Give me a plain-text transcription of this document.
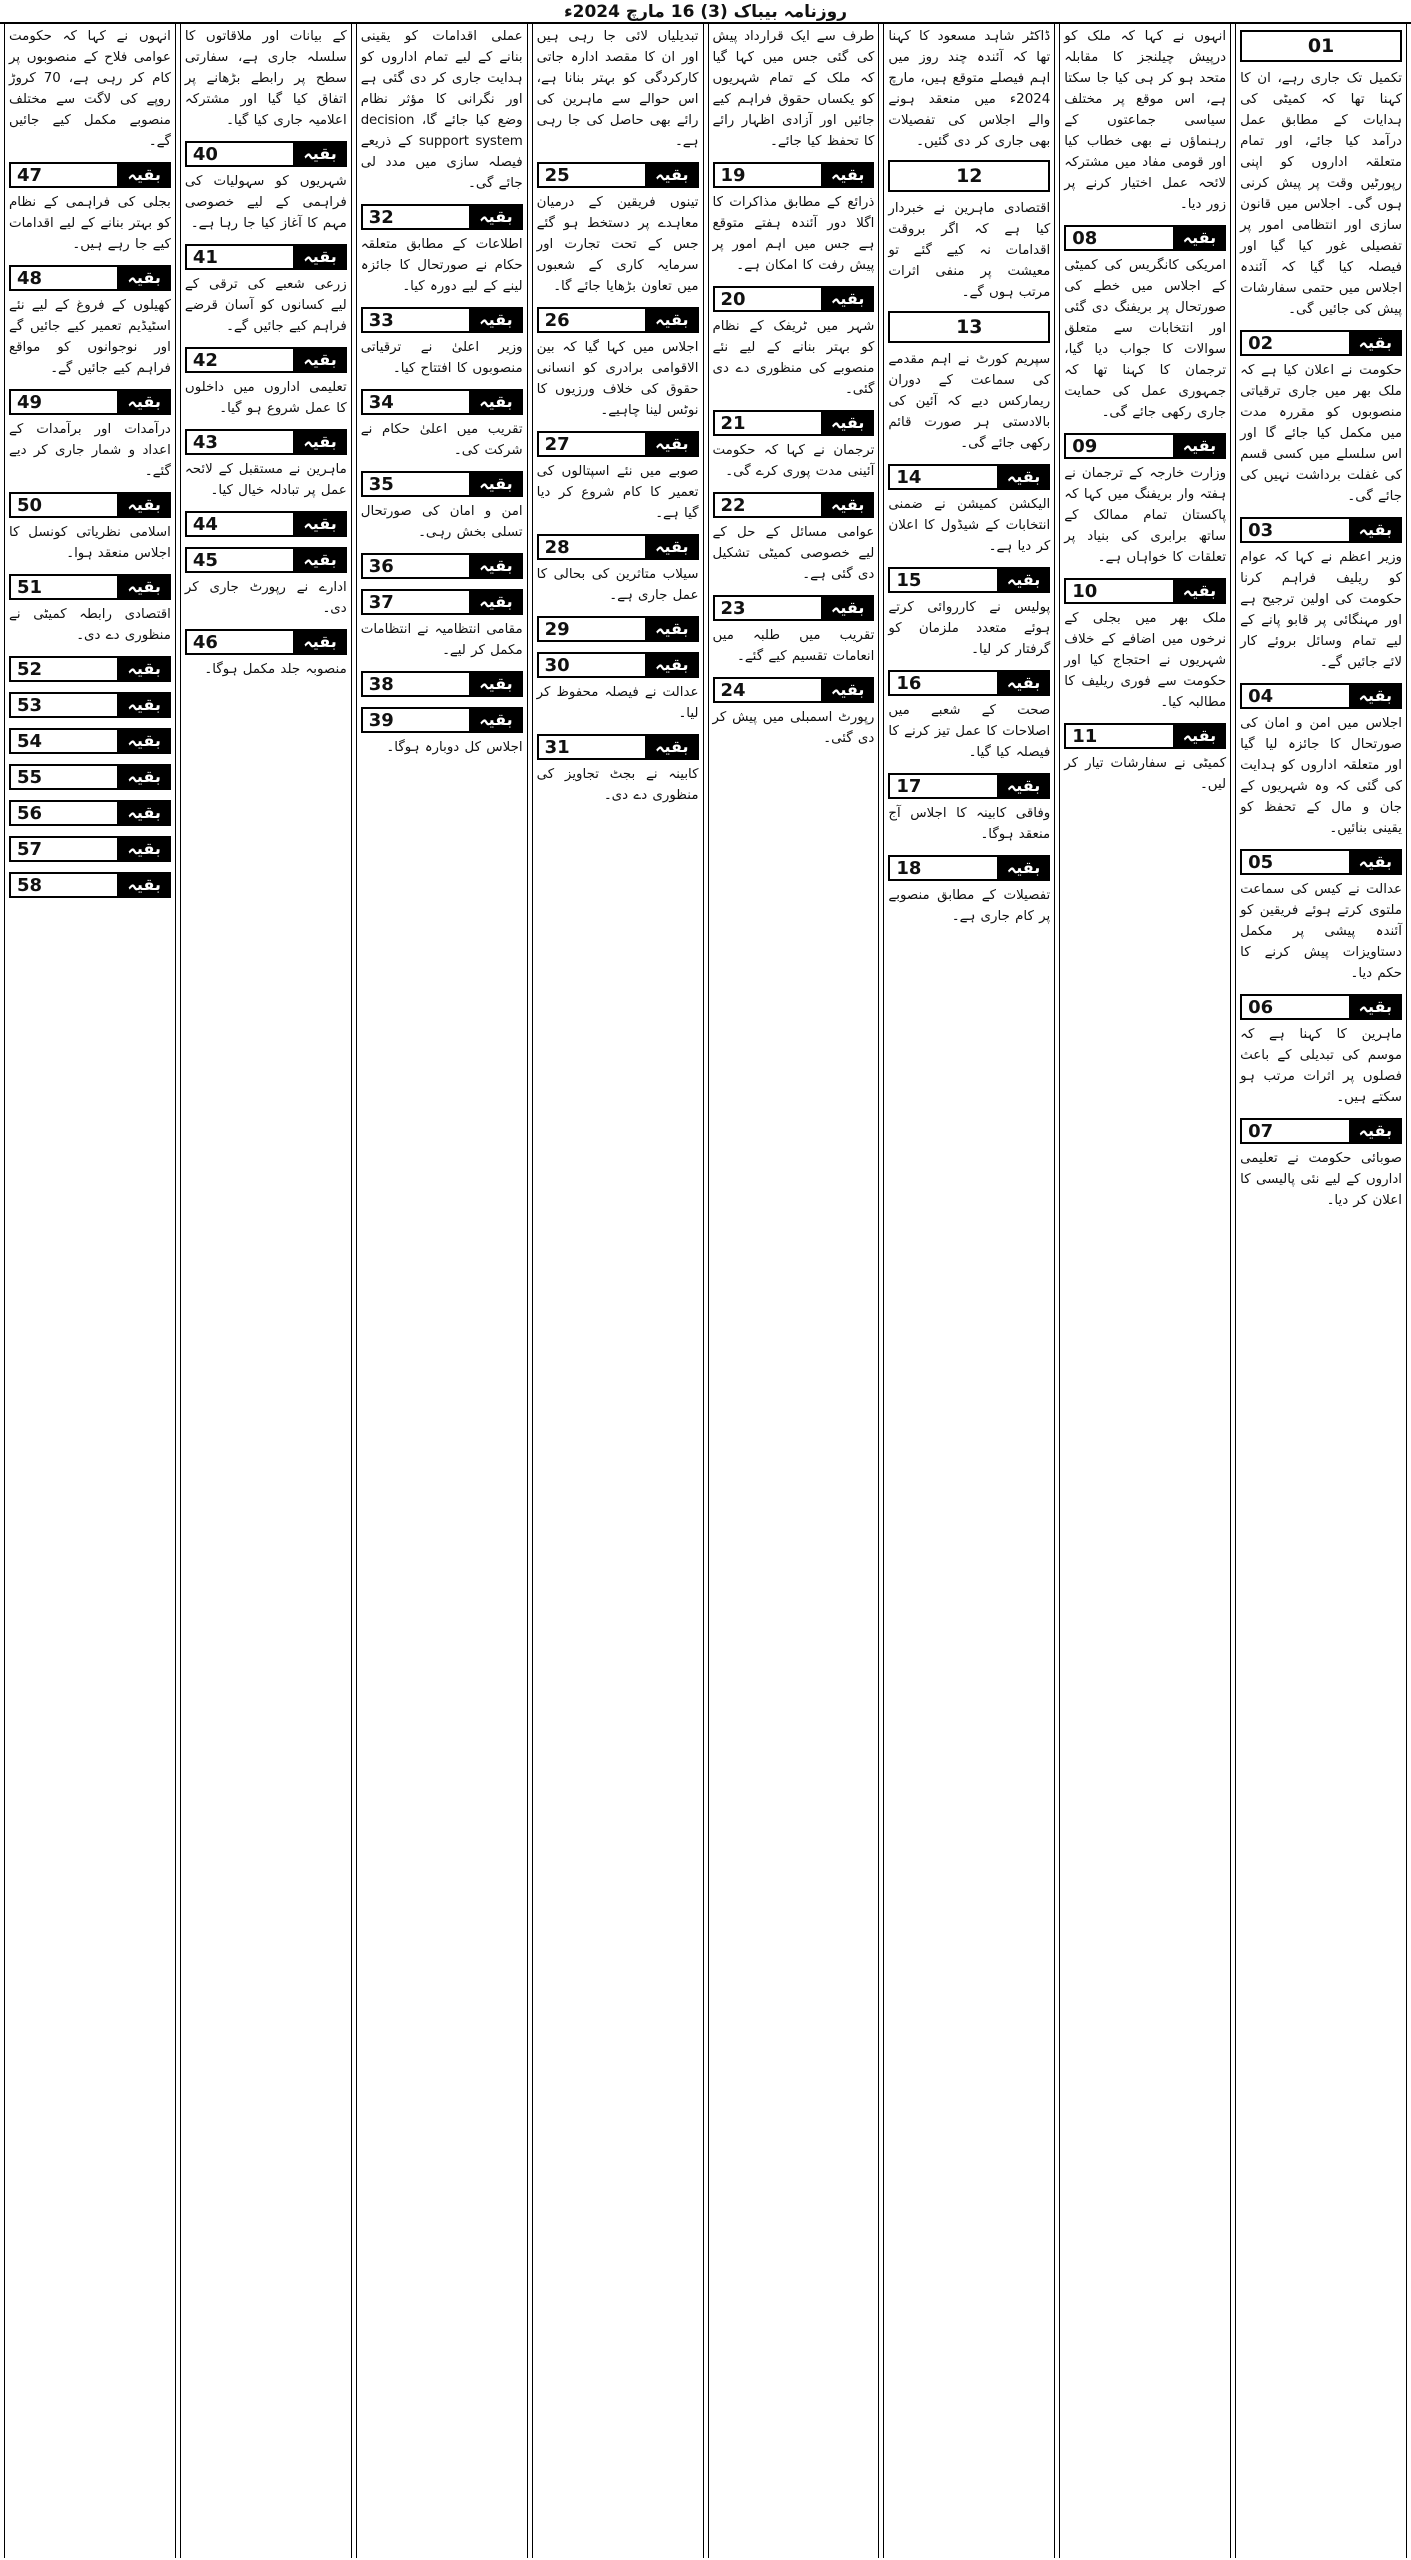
روزنامہ بیباک (3) 16 مارچ 2024ء
01

تکمیل تک جاری رہے، ان کا کہنا تھا کہ کمیٹی کی ہدایات کے مطابق عمل درآمد کیا جائے، اور تمام متعلقہ اداروں کو اپنی رپورٹیں وقت پر پیش کرنی ہوں گی۔ اجلاس میں قانون سازی اور انتظامی امور پر تفصیلی غور کیا گیا اور فیصلہ کیا گیا کہ آئندہ اجلاس میں حتمی سفارشات پیش کی جائیں گی۔

بقیہ
02

حکومت نے اعلان کیا ہے کہ ملک بھر میں جاری ترقیاتی منصوبوں کو مقررہ مدت میں مکمل کیا جائے گا اور اس سلسلے میں کسی قسم کی غفلت برداشت نہیں کی جائے گی۔

بقیہ
03

وزیر اعظم نے کہا کہ عوام کو ریلیف فراہم کرنا حکومت کی اولین ترجیح ہے اور مہنگائی پر قابو پانے کے لیے تمام وسائل بروئے کار لائے جائیں گے۔

بقیہ
04

اجلاس میں امن و امان کی صورتحال کا جائزہ لیا گیا اور متعلقہ اداروں کو ہدایت کی گئی کہ وہ شہریوں کے جان و مال کے تحفظ کو یقینی بنائیں۔

بقیہ
05

عدالت نے کیس کی سماعت ملتوی کرتے ہوئے فریقین کو آئندہ پیشی پر مکمل دستاویزات پیش کرنے کا حکم دیا۔

بقیہ
06

ماہرین کا کہنا ہے کہ موسم کی تبدیلی کے باعث فصلوں پر اثرات مرتب ہو سکتے ہیں۔

بقیہ
07

صوبائی حکومت نے تعلیمی اداروں کے لیے نئی پالیسی کا اعلان کر دیا۔

انہوں نے کہا کہ ملک کو درپیش چیلنجز کا مقابلہ متحد ہو کر ہی کیا جا سکتا ہے، اس موقع پر مختلف سیاسی جماعتوں کے رہنماؤں نے بھی خطاب کیا اور قومی مفاد میں مشترکہ لائحہ عمل اختیار کرنے پر زور دیا۔

بقیہ
08

امریکی کانگریس کی کمیٹی کے اجلاس میں خطے کی صورتحال پر بریفنگ دی گئی اور انتخابات سے متعلق سوالات کا جواب دیا گیا، ترجمان کا کہنا تھا کہ جمہوری عمل کی حمایت جاری رکھی جائے گی۔

بقیہ
09

وزارت خارجہ کے ترجمان نے ہفتہ وار بریفنگ میں کہا کہ پاکستان تمام ممالک کے ساتھ برابری کی بنیاد پر تعلقات کا خواہاں ہے۔

بقیہ
10

ملک بھر میں بجلی کے نرخوں میں اضافے کے خلاف شہریوں نے احتجاج کیا اور حکومت سے فوری ریلیف کا مطالبہ کیا۔

بقیہ
11

کمیٹی نے سفارشات تیار کر لیں۔

ڈاکٹر شاہد مسعود کا کہنا تھا کہ آئندہ چند روز میں اہم فیصلے متوقع ہیں، مارچ 2024ء میں منعقد ہونے والے اجلاس کی تفصیلات بھی جاری کر دی گئیں۔

12

اقتصادی ماہرین نے خبردار کیا ہے کہ اگر بروقت اقدامات نہ کیے گئے تو معیشت پر منفی اثرات مرتب ہوں گے۔

13

سپریم کورٹ نے اہم مقدمے کی سماعت کے دوران ریمارکس دیے کہ آئین کی بالادستی ہر صورت قائم رکھی جائے گی۔

بقیہ
14

الیکشن کمیشن نے ضمنی انتخابات کے شیڈول کا اعلان کر دیا ہے۔

بقیہ
15

پولیس نے کارروائی کرتے ہوئے متعدد ملزمان کو گرفتار کر لیا۔

بقیہ
16

صحت کے شعبے میں اصلاحات کا عمل تیز کرنے کا فیصلہ کیا گیا۔

بقیہ
17

وفاقی کابینہ کا اجلاس آج منعقد ہوگا۔

بقیہ
18

تفصیلات کے مطابق منصوبے پر کام جاری ہے۔

طرف سے ایک قرارداد پیش کی گئی جس میں کہا گیا کہ ملک کے تمام شہریوں کو یکساں حقوق فراہم کیے جائیں اور آزادی اظہار رائے کا تحفظ کیا جائے۔

بقیہ
19

ذرائع کے مطابق مذاکرات کا اگلا دور آئندہ ہفتے متوقع ہے جس میں اہم امور پر پیش رفت کا امکان ہے۔

بقیہ
20

شہر میں ٹریفک کے نظام کو بہتر بنانے کے لیے نئے منصوبے کی منظوری دے دی گئی۔

بقیہ
21

ترجمان نے کہا کہ حکومت آئینی مدت پوری کرے گی۔

بقیہ
22

عوامی مسائل کے حل کے لیے خصوصی کمیٹی تشکیل دی گئی ہے۔

بقیہ
23

تقریب میں طلبہ میں انعامات تقسیم کیے گئے۔

بقیہ
24

رپورٹ اسمبلی میں پیش کر دی گئی۔

تبدیلیاں لائی جا رہی ہیں اور ان کا مقصد ادارہ جاتی کارکردگی کو بہتر بنانا ہے، اس حوالے سے ماہرین کی رائے بھی حاصل کی جا رہی ہے۔

بقیہ
25

تینوں فریقین کے درمیان معاہدے پر دستخط ہو گئے جس کے تحت تجارت اور سرمایہ کاری کے شعبوں میں تعاون بڑھایا جائے گا۔

بقیہ
26

اجلاس میں کہا گیا کہ بین الاقوامی برادری کو انسانی حقوق کی خلاف ورزیوں کا نوٹس لینا چاہیے۔

بقیہ
27

صوبے میں نئے اسپتالوں کی تعمیر کا کام شروع کر دیا گیا ہے۔

بقیہ
28

سیلاب متاثرین کی بحالی کا عمل جاری ہے۔

بقیہ
29
بقیہ
30

عدالت نے فیصلہ محفوظ کر لیا۔

بقیہ
31

کابینہ نے بجٹ تجاویز کی منظوری دے دی۔

عملی اقدامات کو یقینی بنانے کے لیے تمام اداروں کو ہدایت جاری کر دی گئی ہے اور نگرانی کا مؤثر نظام وضع کیا جائے گا، decision support system کے ذریعے فیصلہ سازی میں مدد لی جائے گی۔

بقیہ
32

اطلاعات کے مطابق متعلقہ حکام نے صورتحال کا جائزہ لینے کے لیے دورہ کیا۔

بقیہ
33

وزیر اعلیٰ نے ترقیاتی منصوبوں کا افتتاح کیا۔

بقیہ
34

تقریب میں اعلیٰ حکام نے شرکت کی۔

بقیہ
35

امن و امان کی صورتحال تسلی بخش رہی۔

بقیہ
36
بقیہ
37

مقامی انتظامیہ نے انتظامات مکمل کر لیے۔

بقیہ
38
بقیہ
39

اجلاس کل دوبارہ ہوگا۔

کے بیانات اور ملاقاتوں کا سلسلہ جاری ہے، سفارتی سطح پر رابطے بڑھانے پر اتفاق کیا گیا اور مشترکہ اعلامیہ جاری کیا گیا۔

بقیہ
40

شہریوں کو سہولیات کی فراہمی کے لیے خصوصی مہم کا آغاز کیا جا رہا ہے۔

بقیہ
41

زرعی شعبے کی ترقی کے لیے کسانوں کو آسان قرضے فراہم کیے جائیں گے۔

بقیہ
42

تعلیمی اداروں میں داخلوں کا عمل شروع ہو گیا۔

بقیہ
43

ماہرین نے مستقبل کے لائحہ عمل پر تبادلہ خیال کیا۔

بقیہ
44
بقیہ
45

ادارے نے رپورٹ جاری کر دی۔

بقیہ
46

منصوبہ جلد مکمل ہوگا۔

انہوں نے کہا کہ حکومت عوامی فلاح کے منصوبوں پر کام کر رہی ہے، 70 کروڑ روپے کی لاگت سے مختلف منصوبے مکمل کیے جائیں گے۔

بقیہ
47

بجلی کی فراہمی کے نظام کو بہتر بنانے کے لیے اقدامات کیے جا رہے ہیں۔

بقیہ
48

کھیلوں کے فروغ کے لیے نئے اسٹیڈیم تعمیر کیے جائیں گے اور نوجوانوں کو مواقع فراہم کیے جائیں گے۔

بقیہ
49

درآمدات اور برآمدات کے اعداد و شمار جاری کر دیے گئے۔

بقیہ
50

اسلامی نظریاتی کونسل کا اجلاس منعقد ہوا۔

بقیہ
51

اقتصادی رابطہ کمیٹی نے منظوری دے دی۔

بقیہ
52
بقیہ
53
بقیہ
54
بقیہ
55
بقیہ
56
بقیہ
57
بقیہ
58
